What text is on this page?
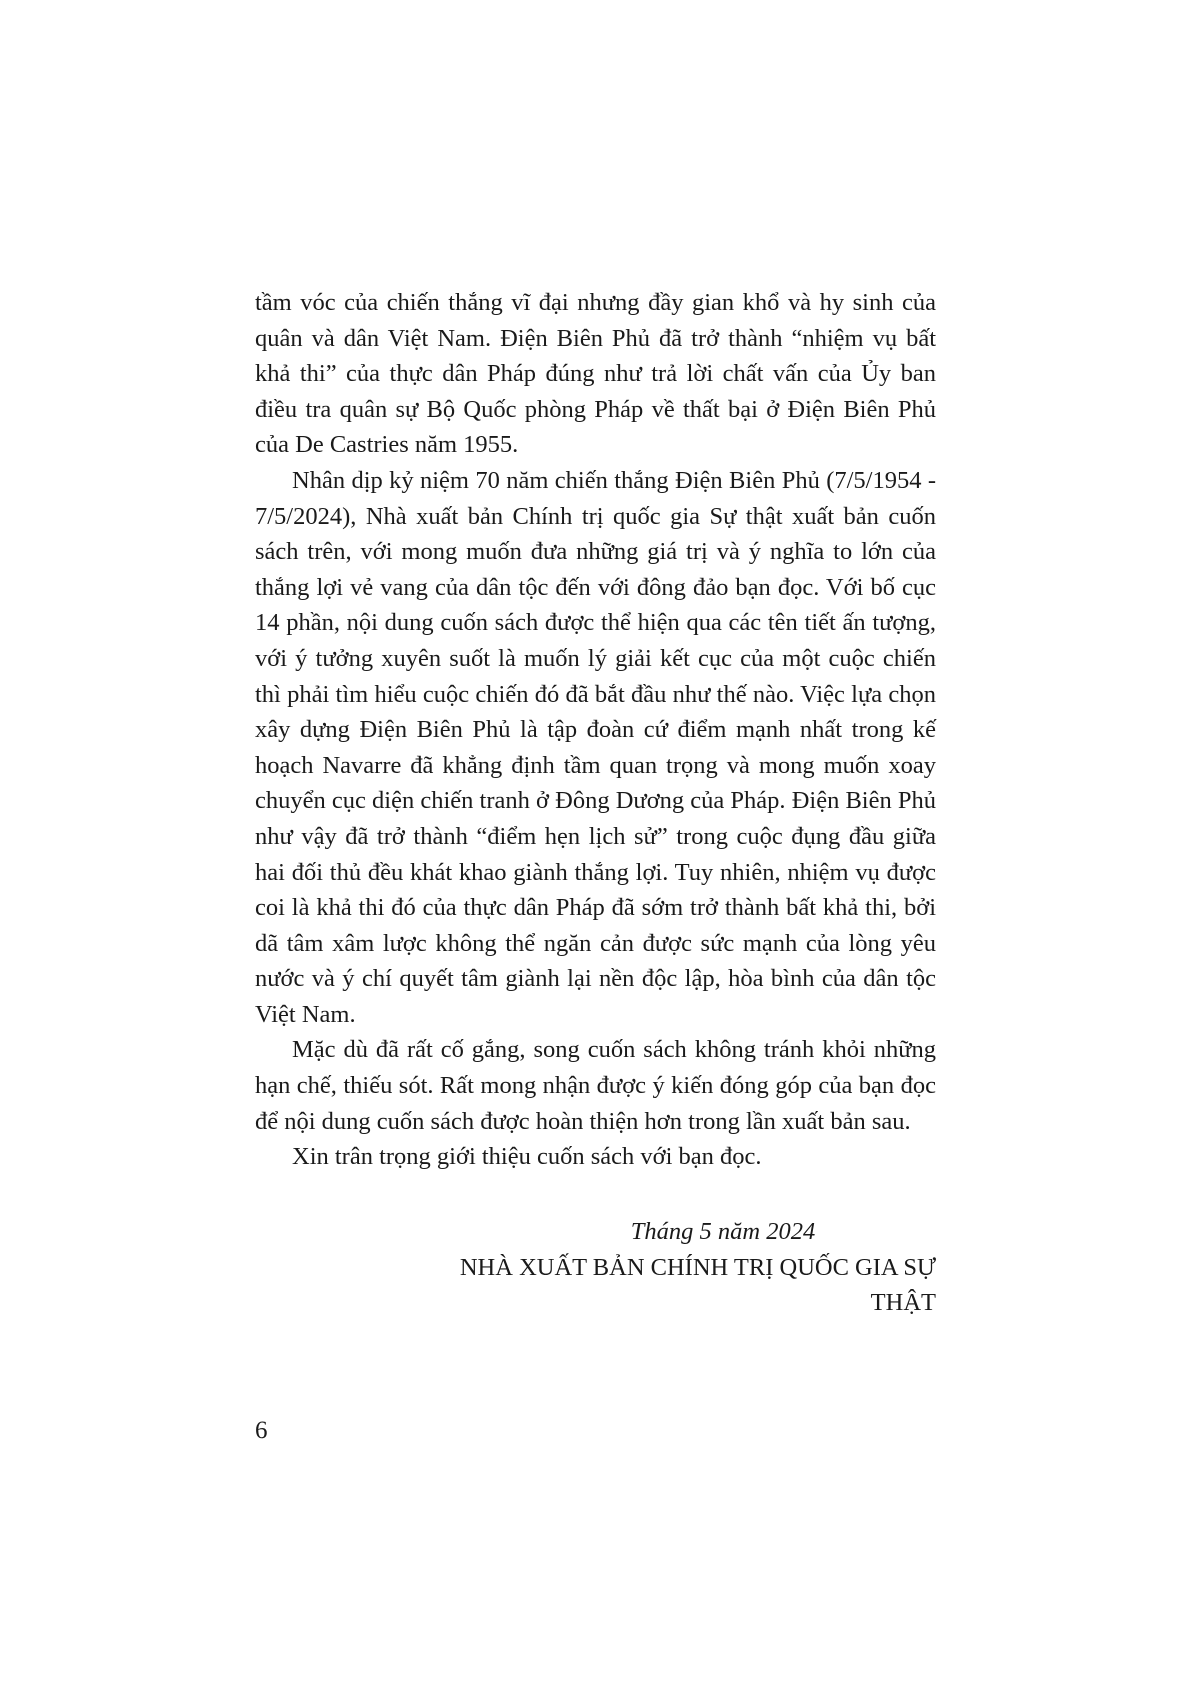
tầm vóc của chiến thắng vĩ đại nhưng đầy gian khổ và hy sinh của quân và dân Việt Nam. Điện Biên Phủ đã trở thành “nhiệm vụ bất khả thi” của thực dân Pháp đúng như trả lời chất vấn của Ủy ban điều tra quân sự Bộ Quốc phòng Pháp về thất bại ở Điện Biên Phủ của De Castries năm 1955.

Nhân dịp kỷ niệm 70 năm chiến thắng Điện Biên Phủ (7/5/1954 - 7/5/2024), Nhà xuất bản Chính trị quốc gia Sự thật xuất bản cuốn sách trên, với mong muốn đưa những giá trị và ý nghĩa to lớn của thắng lợi vẻ vang của dân tộc đến với đông đảo bạn đọc. Với bố cục 14 phần, nội dung cuốn sách được thể hiện qua các tên tiết ấn tượng, với ý tưởng xuyên suốt là muốn lý giải kết cục của một cuộc chiến thì phải tìm hiểu cuộc chiến đó đã bắt đầu như thế nào. Việc lựa chọn xây dựng Điện Biên Phủ là tập đoàn cứ điểm mạnh nhất trong kế hoạch Navarre đã khẳng định tầm quan trọng và mong muốn xoay chuyển cục diện chiến tranh ở Đông Dương của Pháp. Điện Biên Phủ như vậy đã trở thành “điểm hẹn lịch sử” trong cuộc đụng đầu giữa hai đối thủ đều khát khao giành thắng lợi. Tuy nhiên, nhiệm vụ được coi là khả thi đó của thực dân Pháp đã sớm trở thành bất khả thi, bởi dã tâm xâm lược không thể ngăn cản được sức mạnh của lòng yêu nước và ý chí quyết tâm giành lại nền độc lập, hòa bình của dân tộc Việt Nam.

Mặc dù đã rất cố gắng, song cuốn sách không tránh khỏi những hạn chế, thiếu sót. Rất mong nhận được ý kiến đóng góp của bạn đọc để nội dung cuốn sách được hoàn thiện hơn trong lần xuất bản sau.

Xin trân trọng giới thiệu cuốn sách với bạn đọc.

Tháng 5 năm 2024
NHÀ XUẤT BẢN CHÍNH TRỊ QUỐC GIA SỰ THẬT
6
